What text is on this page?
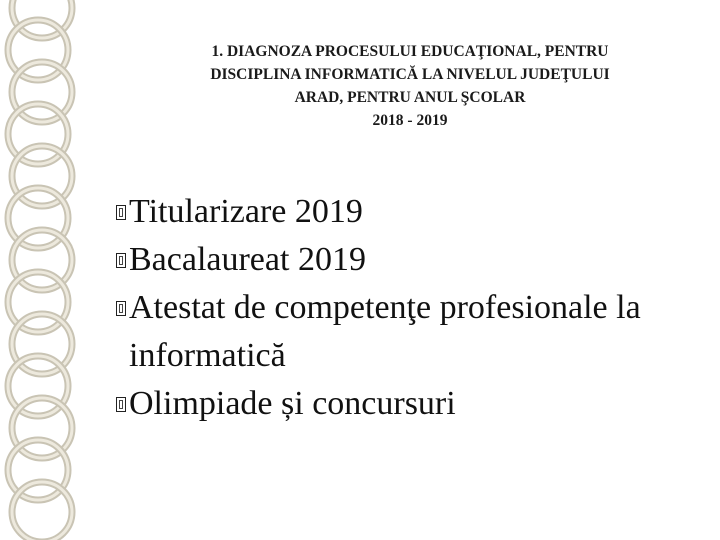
1. DIAGNOZA PROCESULUI EDUCAŢIONAL, PENTRU
DISCIPLINA INFORMATICĂ LA NIVELUL JUDEŢULUI
ARAD, PENTRU ANUL ŞCOLAR
2018 - 2019
Titularizare 2019
Bacalaureat 2019
Atestat de competenţe profesionale la informatică
Olimpiade și concursuri
